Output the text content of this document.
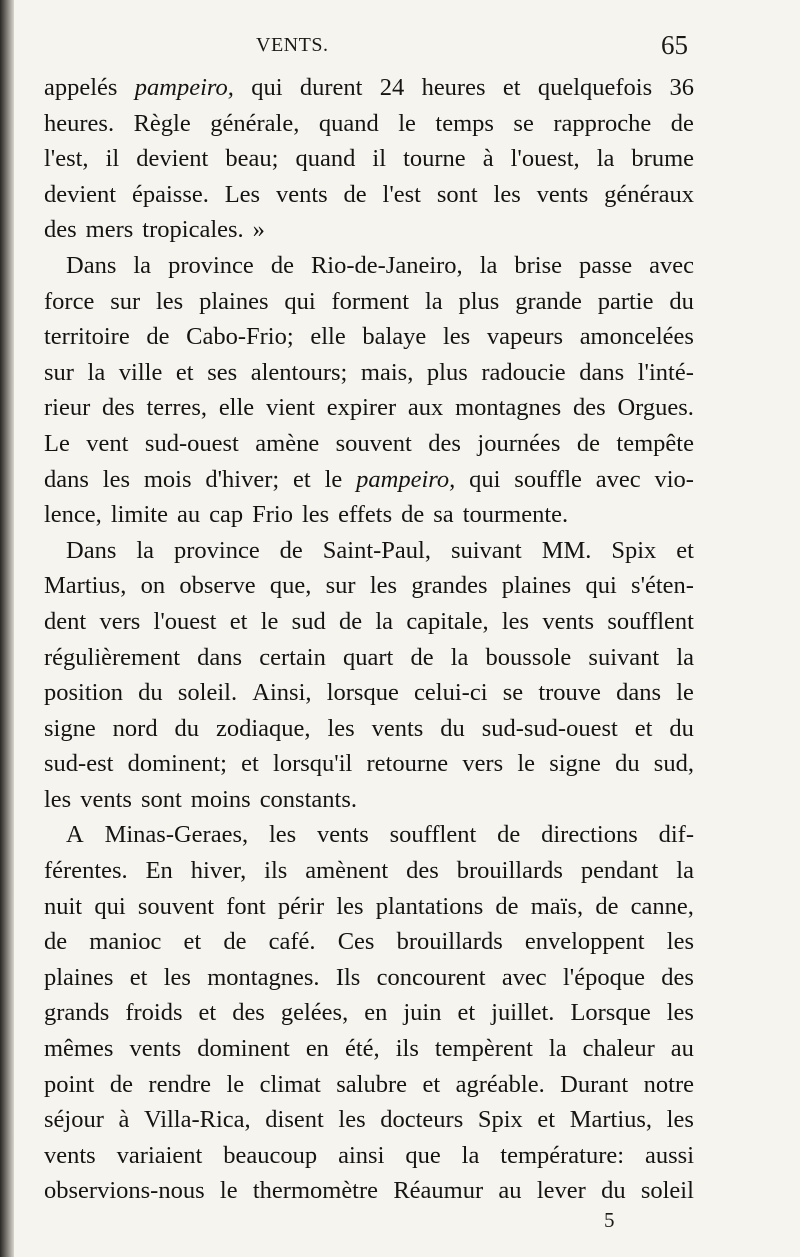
VENTS.	65
appelés pampeiro, qui durent 24 heures et quelquefois 36
heures. Règle générale, quand le temps se rapproche de
l'est, il devient beau; quand il tourne à l'ouest, la brume
devient épaisse. Les vents de l'est sont les vents généraux
des mers tropicales. »
Dans la province de Rio-de-Janeiro, la brise passe avec
force sur les plaines qui forment la plus grande partie du
territoire de Cabo-Frio; elle balaye les vapeurs amoncelées
sur la ville et ses alentours; mais, plus radoucie dans l'inté-
rieur des terres, elle vient expirer aux montagnes des Orgues.
Le vent sud-ouest amène souvent des journées de tempête
dans les mois d'hiver; et le pampeiro, qui souffle avec vio-
lence, limite au cap Frio les effets de sa tourmente.
Dans la province de Saint-Paul, suivant MM. Spix et
Martius, on observe que, sur les grandes plaines qui s'éten-
dent vers l'ouest et le sud de la capitale, les vents soufflent
régulièrement dans certain quart de la boussole suivant la
position du soleil. Ainsi, lorsque celui-ci se trouve dans le
signe nord du zodiaque, les vents du sud-sud-ouest et du
sud-est dominent; et lorsqu'il retourne vers le signe du sud,
les vents sont moins constants.
A Minas-Geraes, les vents soufflent de directions dif-
férentes. En hiver, ils amènent des brouillards pendant la
nuit qui souvent font périr les plantations de maïs, de canne,
de manioc et de café. Ces brouillards enveloppent les
plaines et les montagnes. Ils concourent avec l'époque des
grands froids et des gelées, en juin et juillet. Lorsque les
mêmes vents dominent en été, ils tempèrent la chaleur au
point de rendre le climat salubre et agréable. Durant notre
séjour à Villa-Rica, disent les docteurs Spix et Martius, les
vents variaient beaucoup ainsi que la température: aussi
observions-nous le thermomètre Réaumur au lever du soleil
5
